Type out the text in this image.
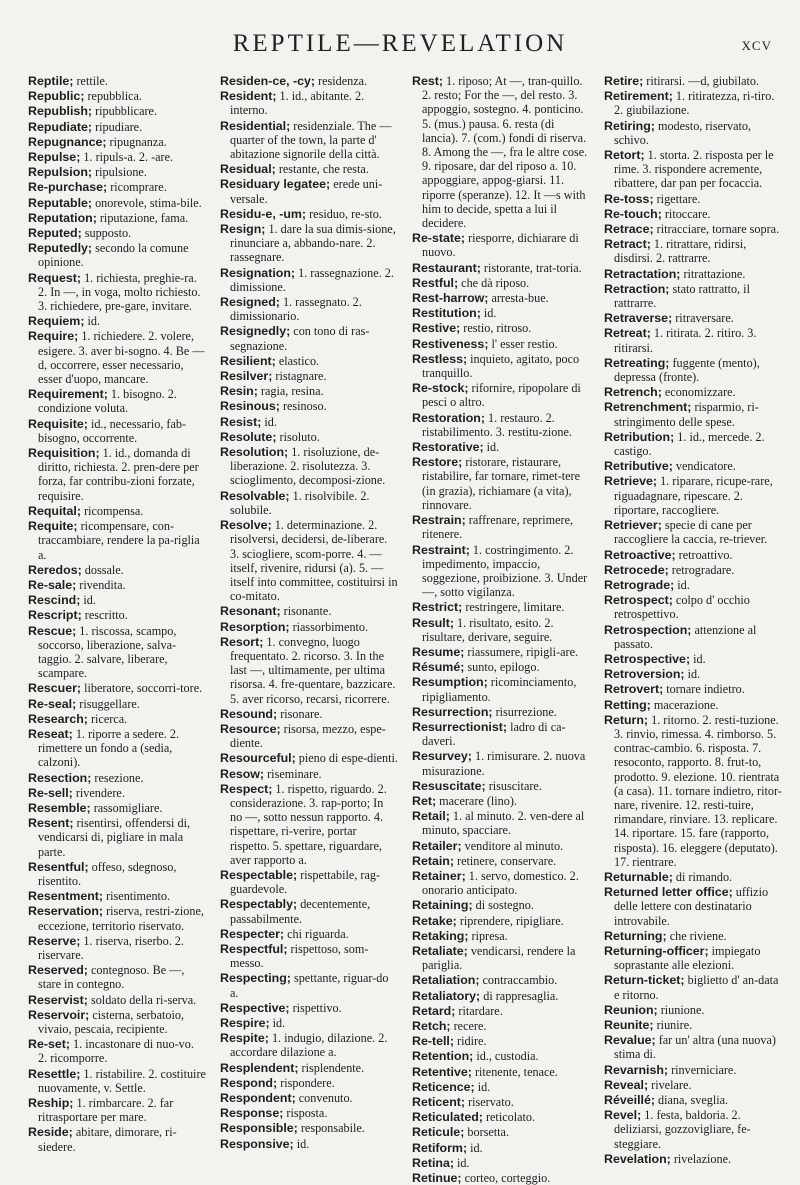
REPTILE—REVELATION	xcv

Reptile; rettile.

Republic; repubblica.

Republish; ripubblicare.

Repudiate; ripudiare.

Repugnance; ripugnanza.

Repulse; 1. ripuls-a. 2. -are.

Repulsion; ripulsione.

Re-purchase; ricomprare.

Reputable; onorevole, stima-bile.

Reputation; riputazione, fama.

Reputed; supposto.

Reputedly; secondo la comune opinione.

Request; 1. richiesta, preghie-ra. 2. In —, in voga, molto richiesto. 3. richiedere, pre-gare, invitare.

Requiem; id.

Require; 1. richiedere. 2. volere, esigere. 3. aver bi-sogno. 4. Be —d, occorrere, esser necessario, esser d'uopo, mancare.

Requirement; 1. bisogno. 2. condizione voluta.

Requisite; id., necessario, fab-bisogno, occorrente.

Requisition; 1. id., domanda di diritto, richiesta. 2. pren-dere per forza, far contribu-zioni forzate, requisire.

Requital; ricompensa.

Requite; ricompensare, con-traccambiare, rendere la pa-riglia a.

Reredos; dossale.

Re-sale; rivendita.

Rescind; id.

Rescript; rescritto.

Rescue; 1. riscossa, scampo, soccorso, liberazione, salva-taggio. 2. salvare, liberare, scampare.

Rescuer; liberatore, soccorri-tore.

Re-seal; risuggellare.

Research; ricerca.

Reseat; 1. riporre a sedere. 2. rimettere un fondo a (sedia, calzoni).

Resection; resezione.

Re-sell; rivendere.

Resemble; rassomigliare.

Resent; risentirsi, offendersi di, vendicarsi di, pigliare in mala parte.

Resentful; offeso, sdegnoso, risentito.

Resentment; risentimento.

Reservation; riserva, restri-zione, eccezione, territorio riservato.

Reserve; 1. riserva, riserbo. 2. riservare.

Reserved; contegnoso. Be —, stare in contegno.

Reservist; soldato della ri-serva.

Reservoir; cisterna, serbatoio, vivaio, pescaia, recipiente.

Re-set; 1. incastonare di nuo-vo. 2. ricomporre.

Resettle; 1. ristabilire. 2. costituire nuovamente, v. Settle.

Reship; 1. rimbarcare. 2. far ritrasportare per mare.

Reside; abitare, dimorare, ri-siedere.

Residen-ce, -cy; residenza.

Resident; 1. id., abitante. 2. interno.

Residential; residenziale. The — quarter of the town, la parte d' abitazione signorile della città.

Residual; restante, che resta.

Residuary legatee; erede uni-versale.

Residu-e, -um; residuo, re-sto.

Resign; 1. dare la sua dimis-sione, rinunciare a, abbando-nare. 2. rassegnare.

Resignation; 1. rassegnazione. 2. dimissione.

Resigned; 1. rassegnato. 2. dimissionario.

Resignedly; con tono di ras-segnazione.

Resilient; elastico.

Resilver; ristagnare.

Resin; ragia, resina.

Resinous; resinoso.

Resist; id.

Resolute; risoluto.

Resolution; 1. risoluzione, de-liberazione. 2. risolutezza. 3. scioglimento, decomposi-zione.

Resolvable; 1. risolvibile. 2. solubile.

Resolve; 1. determinazione. 2. risolversi, decidersi, de-liberare. 3. sciogliere, scom-porre. 4. — itself, rivenire, ridursi (a). 5. — itself into committee, costituirsi in co-mitato.

Resonant; risonante.

Resorption; riassorbimento.

Resort; 1. convegno, luogo frequentato. 2. ricorso. 3. In the last —, ultimamente, per ultima risorsa. 4. fre-quentare, bazzicare. 5. aver ricorso, recarsi, ricorrere.

Resound; risonare.

Resource; risorsa, mezzo, espe-diente.

Resourceful; pieno di espe-dienti.

Resow; riseminare.

Respect; 1. rispetto, riguardo. 2. considerazione. 3. rap-porto; In no —, sotto nessun rapporto. 4. rispettare, ri-verire, portar rispetto. 5. spettare, riguardare, aver rapporto a.

Respectable; rispettabile, rag-guardevole.

Respectably; decentemente, passabilmente.

Respecter; chi riguarda.

Respectful; rispettoso, som-messo.

Respecting; spettante, riguar-do a.

Respective; rispettivo.

Respire; id.

Respite; 1. indugio, dilazione. 2. accordare dilazione a.

Resplendent; risplendente.

Respond; rispondere.

Respondent; convenuto.

Response; risposta.

Responsible; responsabile.

Responsive; id.

Rest; 1. riposo; At —, tran-quillo. 2. resto; For the —, del resto. 3. appoggio, sostegno. 4. ponticino. 5. (mus.) pausa. 6. resta (di lancia). 7. (com.) fondi di riserva. 8. Among the —, fra le altre cose. 9. riposare, dar del riposo a. 10. appoggiare, appog-giarsi. 11. riporre (speranze). 12. It —s with him to decide, spetta a lui il decidere.

Re-state; riesporre, dichiarare di nuovo.

Restaurant; ristorante, trat-toria.

Restful; che dà riposo.

Rest-harrow; arresta-bue.

Restitution; id.

Restive; restio, ritroso.

Restiveness; l' esser restio.

Restless; inquieto, agitato, poco tranquillo.

Re-stock; rifornire, ripopolare di pesci o altro.

Restoration; 1. restauro. 2. ristabilimento. 3. restitu-zione.

Restorative; id.

Restore; ristorare, ristaurare, ristabilire, far tornare, rimet-tere (in grazia), richiamare (a vita), rinnovare.

Restrain; raffrenare, reprimere, ritenere.

Restraint; 1. costringimento. 2. impedimento, impaccio, soggezione, proibizione. 3. Under —, sotto vigilanza.

Restrict; restringere, limitare.

Result; 1. risultato, esito. 2. risultare, derivare, seguire.

Resume; riassumere, ripigli-are.

Résumé; sunto, epilogo.

Resumption; ricominciamento, ripigliamento.

Resurrection; risurrezione.

Resurrectionist; ladro di ca-daveri.

Resurvey; 1. rimisurare. 2. nuova misurazione.

Resuscitate; risuscitare.

Ret; macerare (lino).

Retail; 1. al minuto. 2. ven-dere al minuto, spacciare.

Retailer; venditore al minuto.

Retain; retinere, conservare.

Retainer; 1. servo, domestico. 2. onorario anticipato.

Retaining; di sostegno.

Retake; riprendere, ripigliare.

Retaking; ripresa.

Retaliate; vendicarsi, rendere la pariglia.

Retaliation; contraccambio.

Retaliatory; di rappresaglia.

Retard; ritardare.

Retch; recere.

Re-tell; ridire.

Retention; id., custodia.

Retentive; ritenente, tenace.

Reticence; id.

Reticent; riservato.

Reticulated; reticolato.

Reticule; borsetta.

Retiform; id.

Retina; id.

Retinue; corteo, corteggio.

Retire; ritirarsi. —d, giubilato.

Retirement; 1. ritiratezza, ri-tiro. 2. giubilazione.

Retiring; modesto, riservato, schivo.

Retort; 1. storta. 2. risposta per le rime. 3. rispondere acremente, ribattere, dar pan per focaccia.

Re-toss; rigettare.

Re-touch; ritoccare.

Retrace; ritracciare, tornare sopra.

Retract; 1. ritrattare, ridirsi, disdirsi. 2. rattrarre.

Retractation; ritrattazione.

Retraction; stato rattratto, il rattrarre.

Retraverse; ritraversare.

Retreat; 1. ritirata. 2. ritiro. 3. ritirarsi.

Retreating; fuggente (mento), depressa (fronte).

Retrench; economizzare.

Retrenchment; risparmio, ri-stringimento delle spese.

Retribution; 1. id., mercede. 2. castigo.

Retributive; vendicatore.

Retrieve; 1. riparare, ricupe-rare, riguadagnare, ripescare. 2. riportare, raccogliere.

Retriever; specie di cane per raccogliere la caccia, re-triever.

Retroactive; retroattivo.

Retrocede; retrogradare.

Retrograde; id.

Retrospect; colpo d' occhio retrospettivo.

Retrospection; attenzione al passato.

Retrospective; id.

Retroversion; id.

Retrovert; tornare indietro.

Retting; macerazione.

Return; 1. ritorno. 2. resti-tuzione. 3. rinvio, rimessa. 4. rimborso. 5. contrac-cambio. 6. risposta. 7. resoconto, rapporto. 8. frut-to, prodotto. 9. elezione. 10. rientrata (a casa). 11. tornare indietro, ritor-nare, rivenire. 12. resti-tuire, rimandare, rinviare. 13. replicare. 14. riportare. 15. fare (rapporto, risposta). 16. eleggere (deputato). 17. rientrare.

Returnable; di rimando.

Returned letter office; uffizio delle lettere con destinatario introvabile.

Returning; che riviene.

Returning-officer; impiegato soprastante alle elezioni.

Return-ticket; biglietto d' an-data e ritorno.

Reunion; riunione.

Reunite; riunire.

Revalue; far un' altra (una nuova) stima di.

Revarnish; rinverniciare.

Reveal; rivelare.

Réveillé; diana, sveglia.

Revel; 1. festa, baldoria. 2. deliziarsi, gozzovigliare, fe-steggiare.

Revelation; rivelazione.
